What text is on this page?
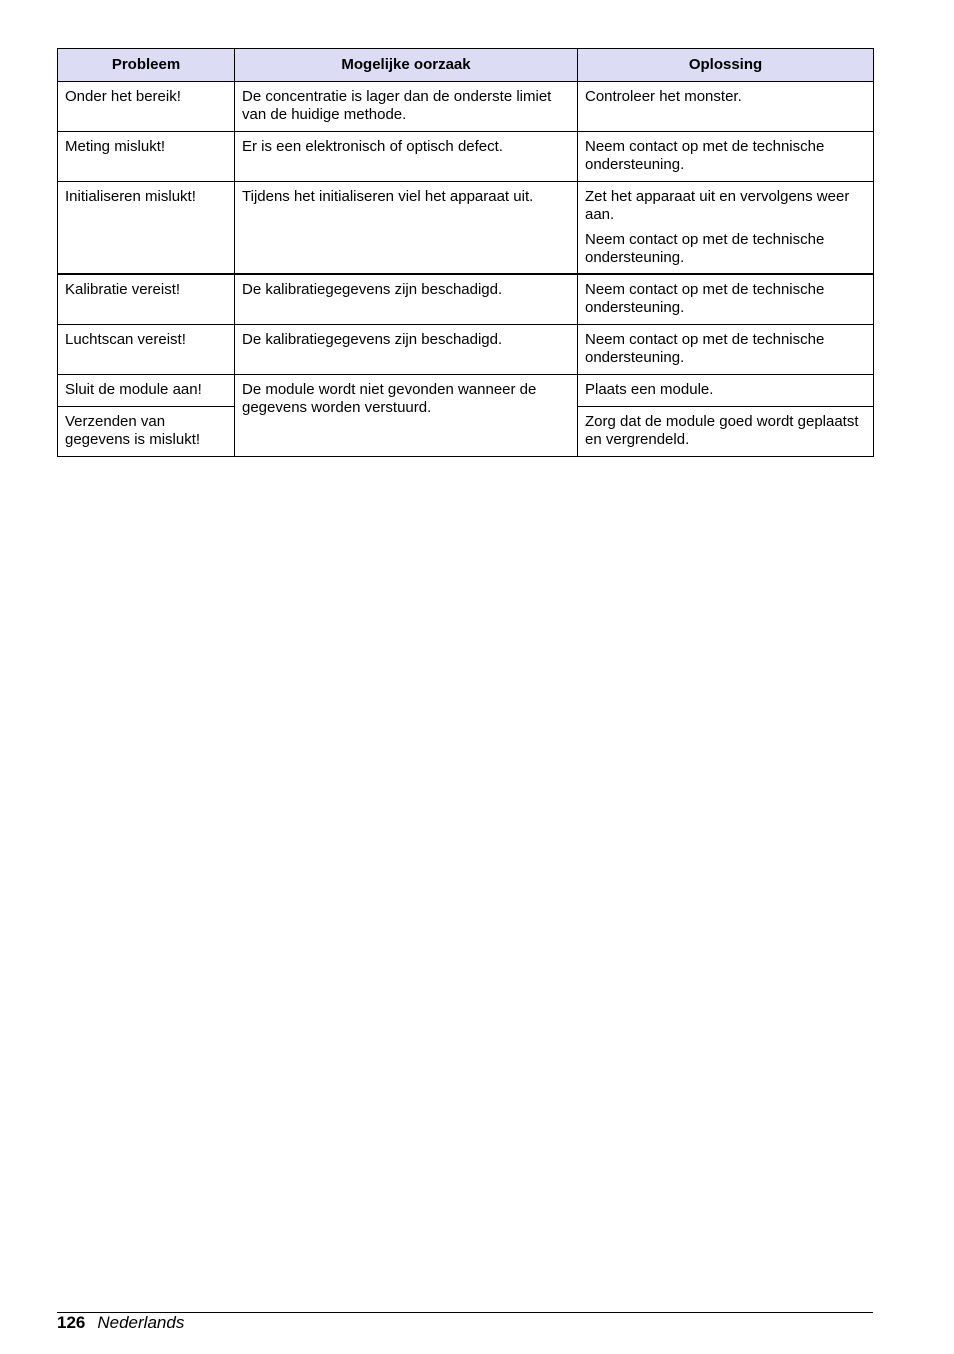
Probleem	Mogelijke oorzaak	Oplossing
Onder het bereik!	De concentratie is lager dan de onderste limiet van de huidige methode.	Controleer het monster.

Meting mislukt!	Er is een elektronisch of optisch defect.	Neem contact op met de technische ondersteuning.

Initialiseren mislukt!	Tijdens het initialiseren viel het apparaat uit.	Zet het apparaat uit en vervolgens weer aan.

Neem contact op met de technische ondersteuning.

Kalibratie vereist!	De kalibratiegegevens zijn beschadigd.	Neem contact op met de technische ondersteuning.

Luchtscan vereist!	De kalibratiegegevens zijn beschadigd.	Neem contact op met de technische ondersteuning.

Sluit de module aan!	De module wordt niet gevonden wanneer de gegevens worden verstuurd.	Plaats een module.

Verzenden van gegevens is mislukt!		Zorg dat de module goed wordt geplaatst en vergrendeld.

126 Nederlands
